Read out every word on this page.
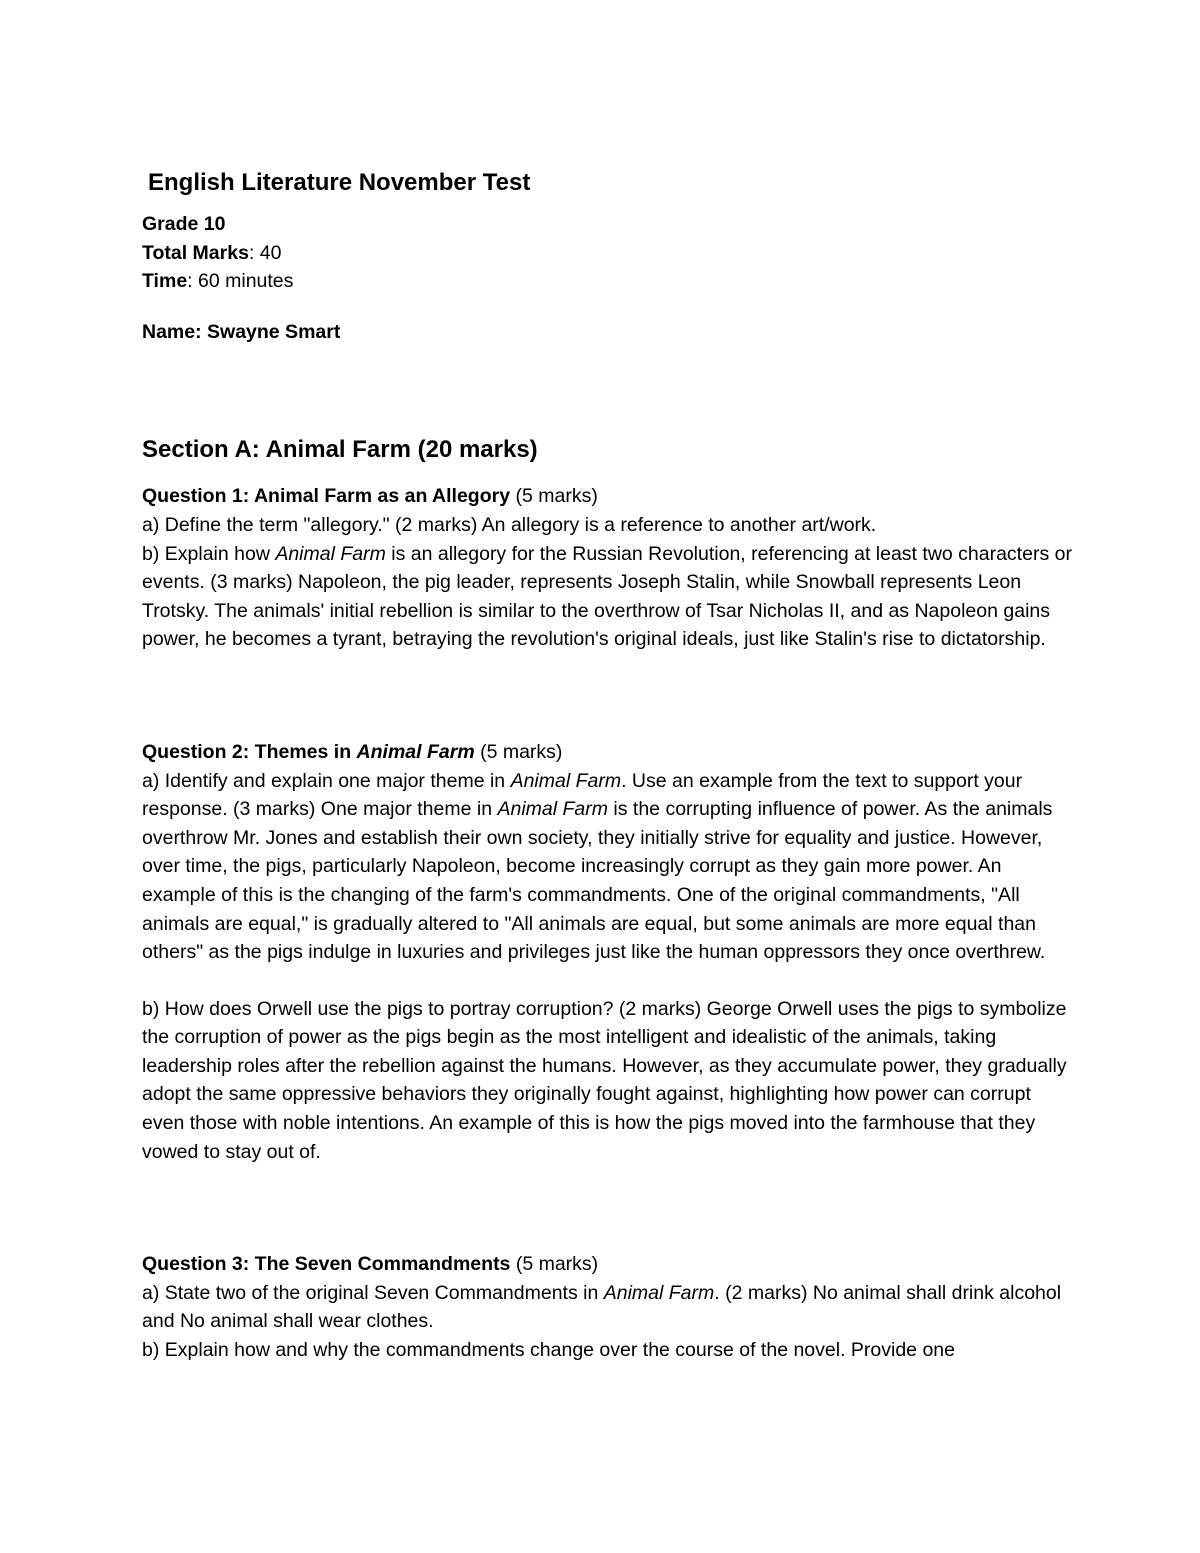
English Literature November Test

Grade 10

Total Marks: 40

Time: 60 minutes

Name: Swayne Smart

Section A: Animal Farm (20 marks)

Question 1: Animal Farm as an Allegory (5 marks)

a) Define the term "allegory." (2 marks) An allegory is a reference to another art/work.

b) Explain how Animal Farm is an allegory for the Russian Revolution, referencing at least two characters or events. (3 marks) Napoleon, the pig leader, represents Joseph Stalin, while Snowball represents Leon Trotsky. The animals' initial rebellion is similar to the overthrow of Tsar Nicholas II, and as Napoleon gains power, he becomes a tyrant, betraying the revolution's original ideals, just like Stalin's rise to dictatorship.

Question 2: Themes in Animal Farm (5 marks)

a) Identify and explain one major theme in Animal Farm. Use an example from the text to support your response. (3 marks) One major theme in Animal Farm is the corrupting influence of power. As the animals overthrow Mr. Jones and establish their own society, they initially strive for equality and justice. However, over time, the pigs, particularly Napoleon, become increasingly corrupt as they gain more power. An example of this is the changing of the farm's commandments. One of the original commandments, "All animals are equal," is gradually altered to "All animals are equal, but some animals are more equal than others" as the pigs indulge in luxuries and privileges just like the human oppressors they once overthrew.

b) How does Orwell use the pigs to portray corruption? (2 marks) George Orwell uses the pigs to symbolize the corruption of power as the pigs begin as the most intelligent and idealistic of the animals, taking leadership roles after the rebellion against the humans. However, as they accumulate power, they gradually adopt the same oppressive behaviors they originally fought against, highlighting how power can corrupt even those with noble intentions. An example of this is how the pigs moved into the farmhouse that they vowed to stay out of.

Question 3: The Seven Commandments (5 marks)

a) State two of the original Seven Commandments in Animal Farm. (2 marks) No animal shall drink alcohol and No animal shall wear clothes.

b) Explain how and why the commandments change over the course of the novel. Provide one
